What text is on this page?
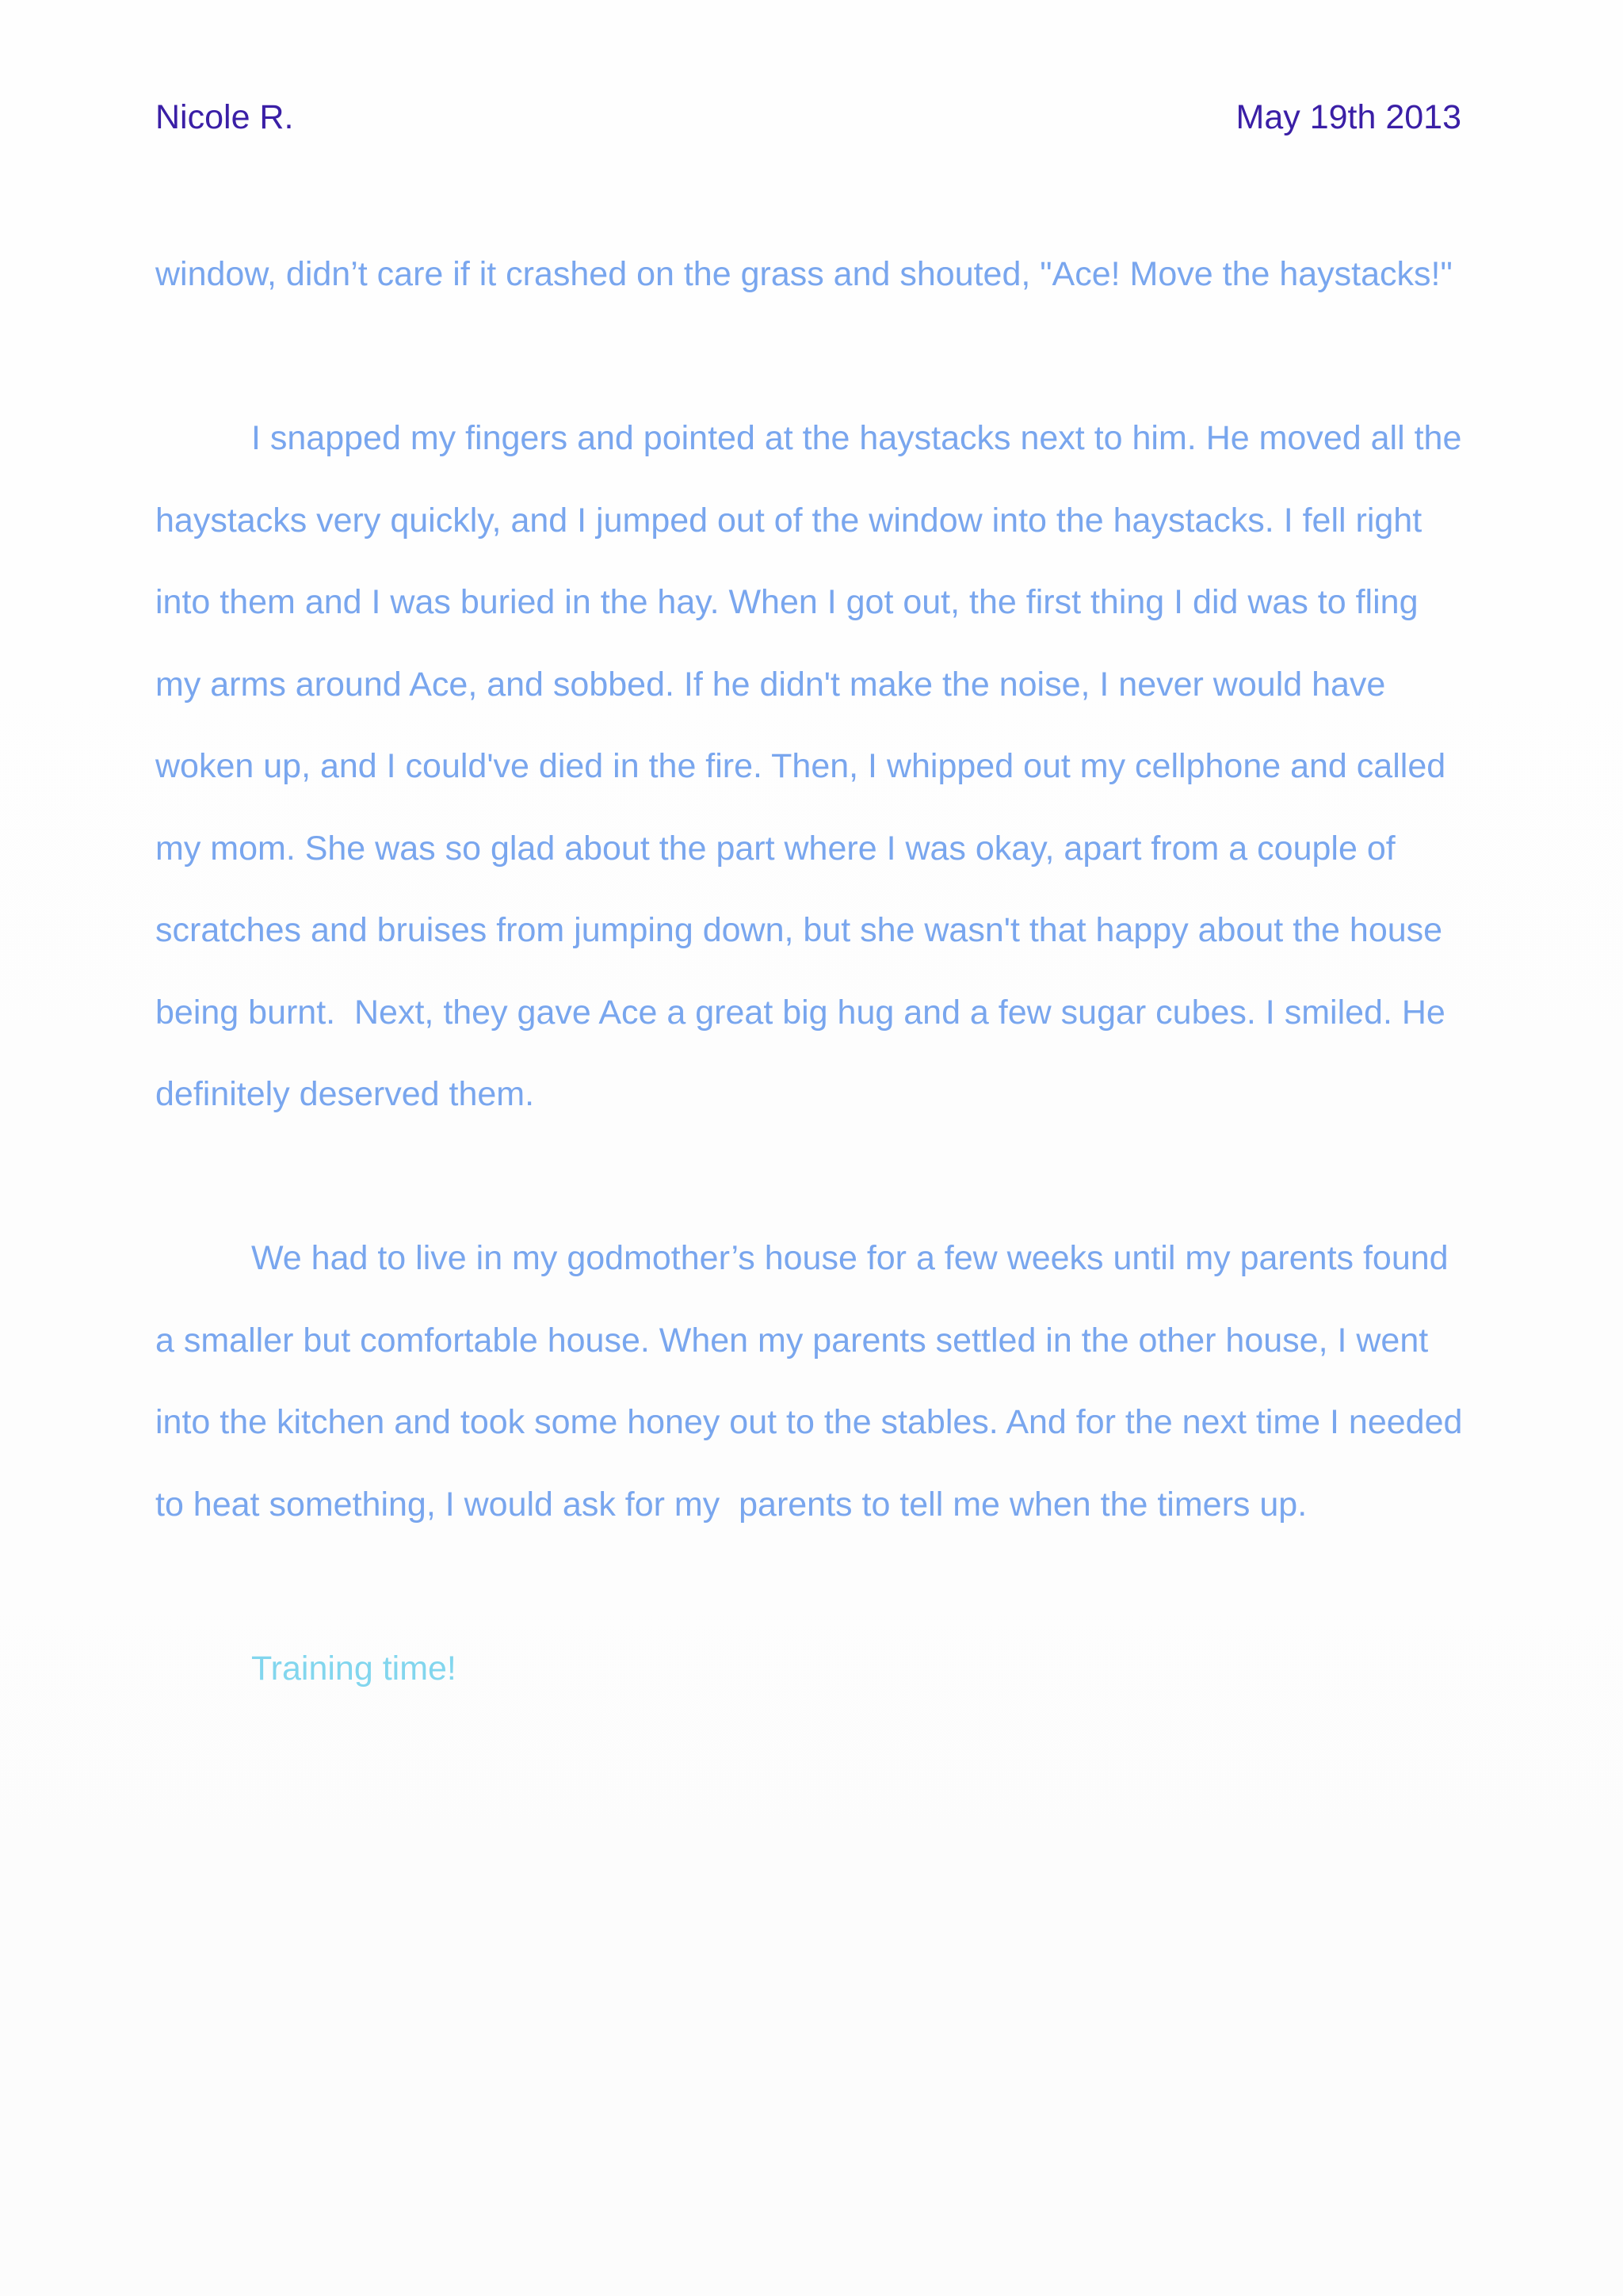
Nicole R.	May 19th 2013

window, didn’t care if it crashed on the grass and shouted, "Ace! Move the haystacks!"

I snapped my fingers and pointed at the haystacks next to him. He moved all the haystacks very quickly, and I jumped out of the window into the haystacks. I fell right into them and I was buried in the hay. When I got out, the first thing I did was to fling my arms around Ace, and sobbed. If he didn't make the noise, I never would have woken up, and I could've died in the fire. Then, I whipped out my cellphone and called my mom. She was so glad about the part where I was okay, apart from a couple of scratches and bruises from jumping down, but she wasn't that happy about the house being burnt.  Next, they gave Ace a great big hug and a few sugar cubes. I smiled. He definitely deserved them.

We had to live in my godmother’s house for a few weeks until my parents found a smaller but comfortable house. When my parents settled in the other house, I went into the kitchen and took some honey out to the stables. And for the next time I needed to heat something, I would ask for my  parents to tell me when the timers up.

Training time!
